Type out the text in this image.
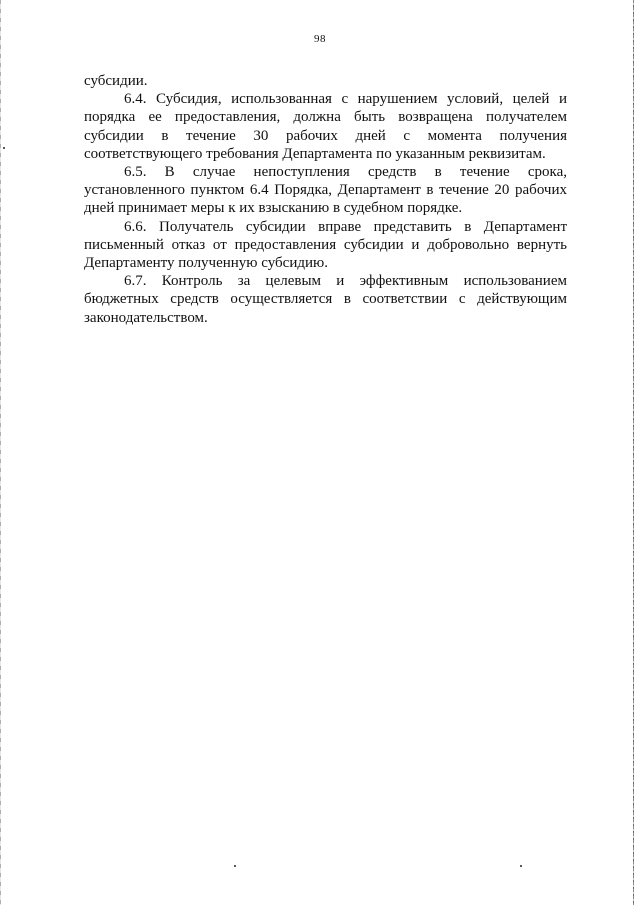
98

субсидии.

6.4. Субсидия, использованная с нарушением условий, целей и порядка ее предоставления, должна быть возвращена получателем субсидии в течение 30 рабочих дней с момента получения соответствующего требования Департамента по указанным реквизитам.

6.5. В случае непоступления средств в течение срока, установленного пунктом 6.4 Порядка, Департамент в течение 20 рабочих дней принимает меры к их взысканию в судебном порядке.

6.6. Получатель субсидии вправе представить в Департамент письменный отказ от предоставления субсидии и добровольно вернуть Департаменту полученную субсидию.

6.7. Контроль за целевым и эффективным использованием бюджетных средств осуществляется в соответствии с действующим законодательством.
